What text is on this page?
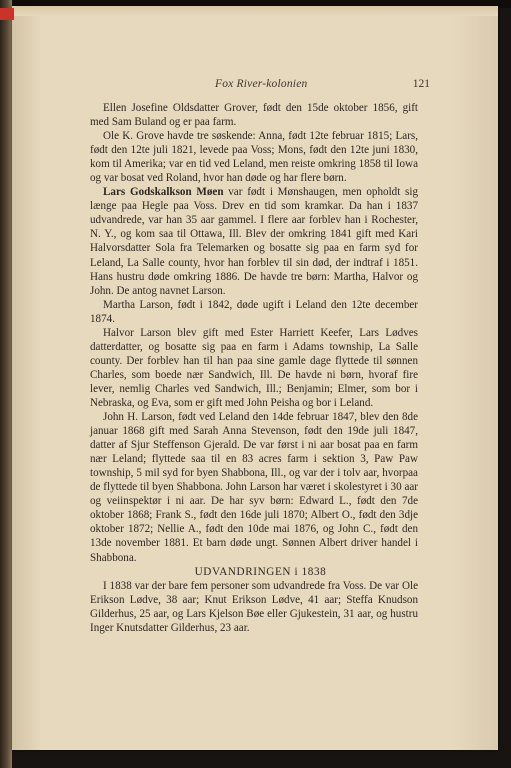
Fox River-kolonien	121

Ellen Josefine Oldsdatter Grover, født den 15de oktober 1856, gift med Sam Buland og er paa farm.

Ole K. Grove havde tre søskende: Anna, født 12te februar 1815; Lars, født den 12te juli 1821, levede paa Voss; Mons, født den 12te juni 1830, kom til Amerika; var en tid ved Leland, men reiste omkring 1858 til Iowa og var bosat ved Roland, hvor han døde og har flere børn.

Lars Godskalkson Møen var født i Mønshaugen, men opholdt sig længe paa Hegle paa Voss. Drev en tid som kramkar. Da han i 1837 udvandrede, var han 35 aar gammel. I flere aar forblev han i Rochester, N. Y., og kom saa til Ottawa, Ill. Blev der omkring 1841 gift med Kari Halvorsdatter Sola fra Telemarken og bosatte sig paa en farm syd for Leland, La Salle county, hvor han forblev til sin død, der indtraf i 1851. Hans hustru døde omkring 1886. De havde tre børn: Martha, Halvor og John. De antog navnet Larson.

Martha Larson, født i 1842, døde ugift i Leland den 12te december 1874.

Halvor Larson blev gift med Ester Harriett Keefer, Lars Lødves datterdatter, og bosatte sig paa en farm i Adams township, La Salle county. Der forblev han til han paa sine gamle dage flyttede til sønnen Charles, som boede nær Sandwich, Ill. De havde ni børn, hvoraf fire lever, nemlig Charles ved Sandwich, Ill.; Benjamin; Elmer, som bor i Nebraska, og Eva, som er gift med John Peisha og bor i Leland.

John H. Larson, født ved Leland den 14de februar 1847, blev den 8de januar 1868 gift med Sarah Anna Stevenson, født den 19de juli 1847, datter af Sjur Steffenson Gjerald. De var først i ni aar bosat paa en farm nær Leland; flyttede saa til en 83 acres farm i sektion 3, Paw Paw township, 5 mil syd for byen Shabbona, Ill., og var der i tolv aar, hvorpaa de flyttede til byen Shabbona. John Larson har været i skolestyret i 30 aar og veiinspektør i ni aar. De har syv børn: Edward L., født den 7de oktober 1868; Frank S., født den 16de juli 1870; Albert O., født den 3dje oktober 1872; Nellie A., født den 10de mai 1876, og John C., født den 13de november 1881. Et barn døde ungt. Sønnen Albert driver handel i Shabbona.

UDVANDRINGEN i 1838

I 1838 var der bare fem personer som udvandrede fra Voss. De var Ole Erikson Lødve, 38 aar; Knut Erikson Lødve, 41 aar; Steffa Knudson Gilderhus, 25 aar, og Lars Kjelson Bøe eller Gjukestein, 31 aar, og hustru Inger Knutsdatter Gilderhus, 23 aar.
